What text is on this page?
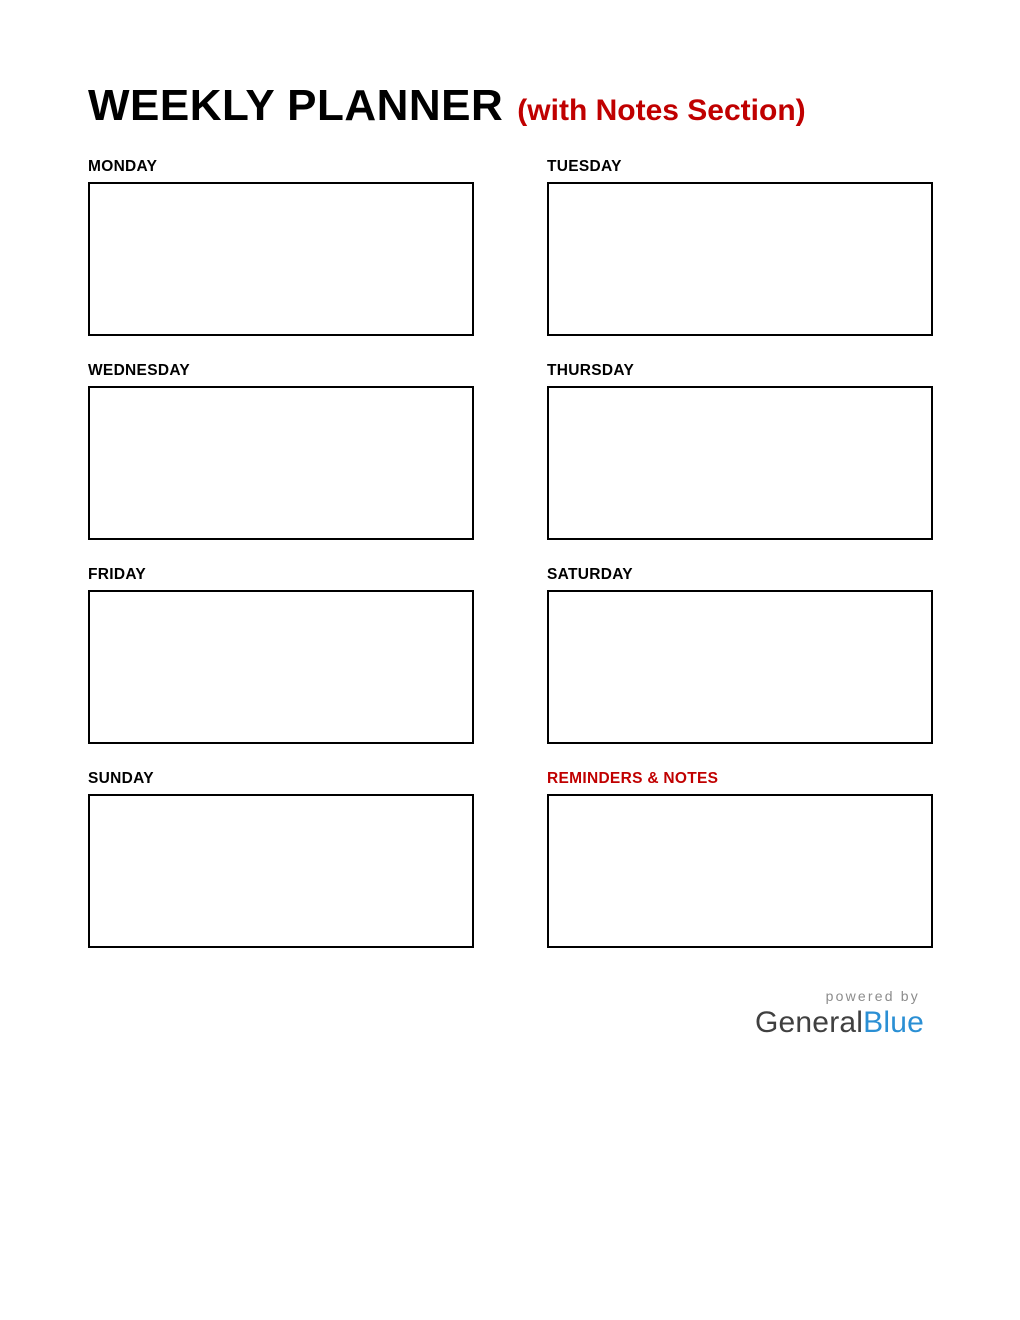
WEEKLY PLANNER (with Notes Section)
MONDAY	TUESDAY
WEDNESDAY	THURSDAY
FRIDAY	SATURDAY
SUNDAY	REMINDERS & NOTES
powered by
GeneralBlue
